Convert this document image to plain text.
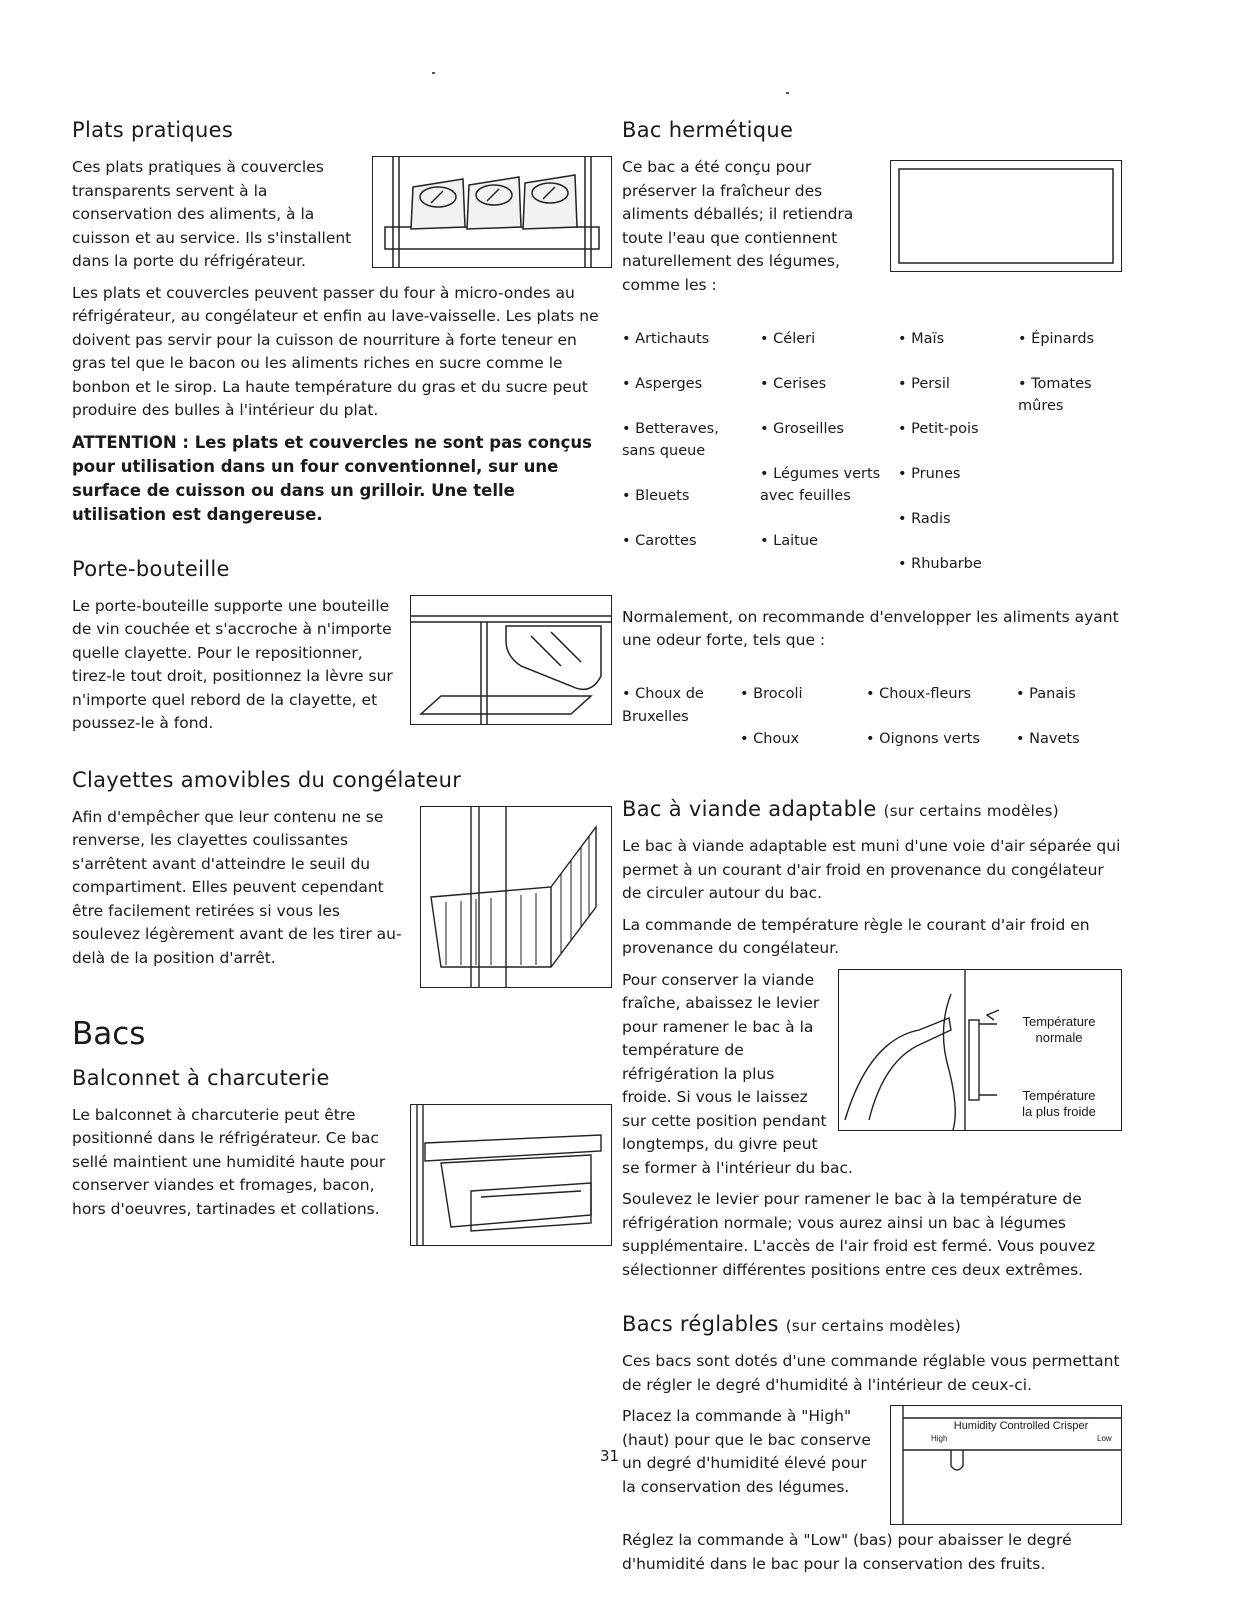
Plats pratiques

Ces plats pratiques à couvercles transparents servent à la conservation des aliments, à la cuisson et au service. Ils s'installent dans la porte du réfrigérateur.

Les plats et couvercles peuvent passer du four à micro-ondes au réfrigérateur, au congélateur et enfin au lave-vaisselle. Les plats ne doivent pas servir pour la cuisson de nourriture à forte teneur en gras tel que le bacon ou les aliments riches en sucre comme le bonbon et le sirop. La haute température du gras et du sucre peut produire des bulles à l'intérieur du plat.

ATTENTION : Les plats et couvercles ne sont pas conçus pour utilisation dans un four conventionnel, sur une surface de cuisson ou dans un grilloir. Une telle utilisation est dangereuse.

Porte-bouteille

Le porte-bouteille supporte une bouteille de vin couchée et s'accroche à n'importe quelle clayette. Pour le repositionner, tirez-le tout droit, positionnez la lèvre sur n'importe quel rebord de la clayette, et poussez-le à fond.

Clayettes amovibles du congélateur

Afin d'empêcher que leur contenu ne se renverse, les clayettes coulissantes s'arrêtent avant d'atteindre le seuil du compartiment. Elles peuvent cependant être facilement retirées si vous les soulevez légèrement avant de les tirer au-delà de la position d'arrêt.

Bacs
Balconnet à charcuterie

Le balconnet à charcuterie peut être positionné dans le réfrigérateur. Ce bac sellé maintient une humidité haute pour conserver viandes et fromages, bacon, hors d'oeuvres, tartinades et collations.

Bac hermétique

Ce bac a été conçu pour préserver la fraîcheur des aliments déballés; il retiendra toute l'eau que contiennent naturellement des légumes, comme les :

• Artichauts

• Asperges

• Betteraves,
sans queue

• Bleuets

• Carottes

• Céleri

• Cerises

• Groseilles

• Légumes verts
avec feuilles

• Laitue

• Maïs

• Persil

• Petit-pois

• Prunes

• Radis

• Rhubarbe

• Épinards

• Tomates
mûres

Normalement, on recommande d'envelopper les aliments ayant une odeur forte, tels que :

• Choux de
Bruxelles

• Brocoli

• Choux

• Choux-fleurs

• Oignons verts

• Panais

• Navets

Bac à viande adaptable (sur certains modèles)

Le bac à viande adaptable est muni d'une voie d'air séparée qui permet à un courant d'air froid en provenance du congélateur de circuler autour du bac.

La commande de température règle le courant d'air froid en provenance du congélateur.

Température
normale
Température
la plus froide

Pour conserver la viande fraîche, abaissez le levier pour ramener le bac à la température de réfrigération la plus froide. Si vous le laissez sur cette position pendant longtemps, du givre peut se former à l'intérieur du bac.

Soulevez le levier pour ramener le bac à la température de réfrigération normale; vous aurez ainsi un bac à légumes supplémentaire. L'accès de l'air froid est fermé. Vous pouvez sélectionner différentes positions entre ces deux extrêmes.

Bacs réglables (sur certains modèles)

Ces bacs sont dotés d'une commande réglable vous permettant de régler le degré d'humidité à l'intérieur de ceux-ci.

Humidity Controlled Crisper
High	Low

Placez la commande à "High" (haut) pour que le bac conserve un degré d'humidité élevé pour la conservation des légumes.

Réglez la commande à "Low" (bas) pour abaisser le degré d'humidité dans le bac pour la conservation des fruits.

31
